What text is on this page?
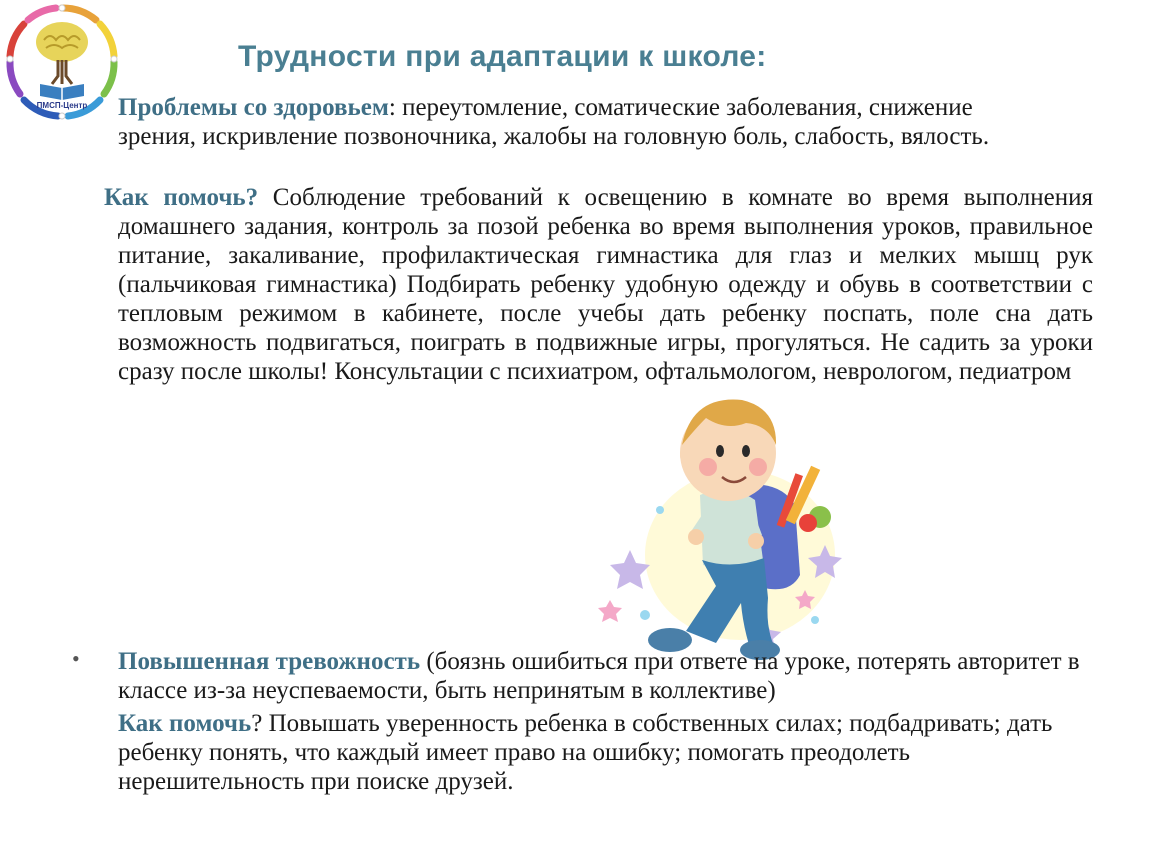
ПМСП-Центр
Трудности при адаптации к школе:
Проблемы со здоровьем: переутомление, соматические заболевания, снижение зрения, искривление позвоночника, жалобы на головную боль, слабость, вялость.
Как помочь? Соблюдение требований к освещению в комнате во время выполнения домашнего задания, контроль за позой ребенка во время выполнения уроков, правильное питание, закаливание, профилактическая гимнастика для глаз и мелких мышц рук (пальчиковая гимнастика) Подбирать ребенку удобную одежду и обувь в соответствии с тепловым режимом в кабинете, после учебы дать ребенку поспать, поле сна дать возможность подвигаться, поиграть в подвижные игры, прогуляться. Не садить за уроки сразу после школы! Консультации с психиатром, офтальмологом, неврологом, педиатром
• Повышенная тревожность (боязнь ошибиться при ответе на уроке, потерять авторитет в классе из-за неуспеваемости, быть непринятым в коллективе)
Как помочь? Повышать уверенность ребенка в собственных силах; подбадривать; дать ребенку понять, что каждый имеет право на ошибку; помогать преодолеть нерешительность при поиске друзей.
